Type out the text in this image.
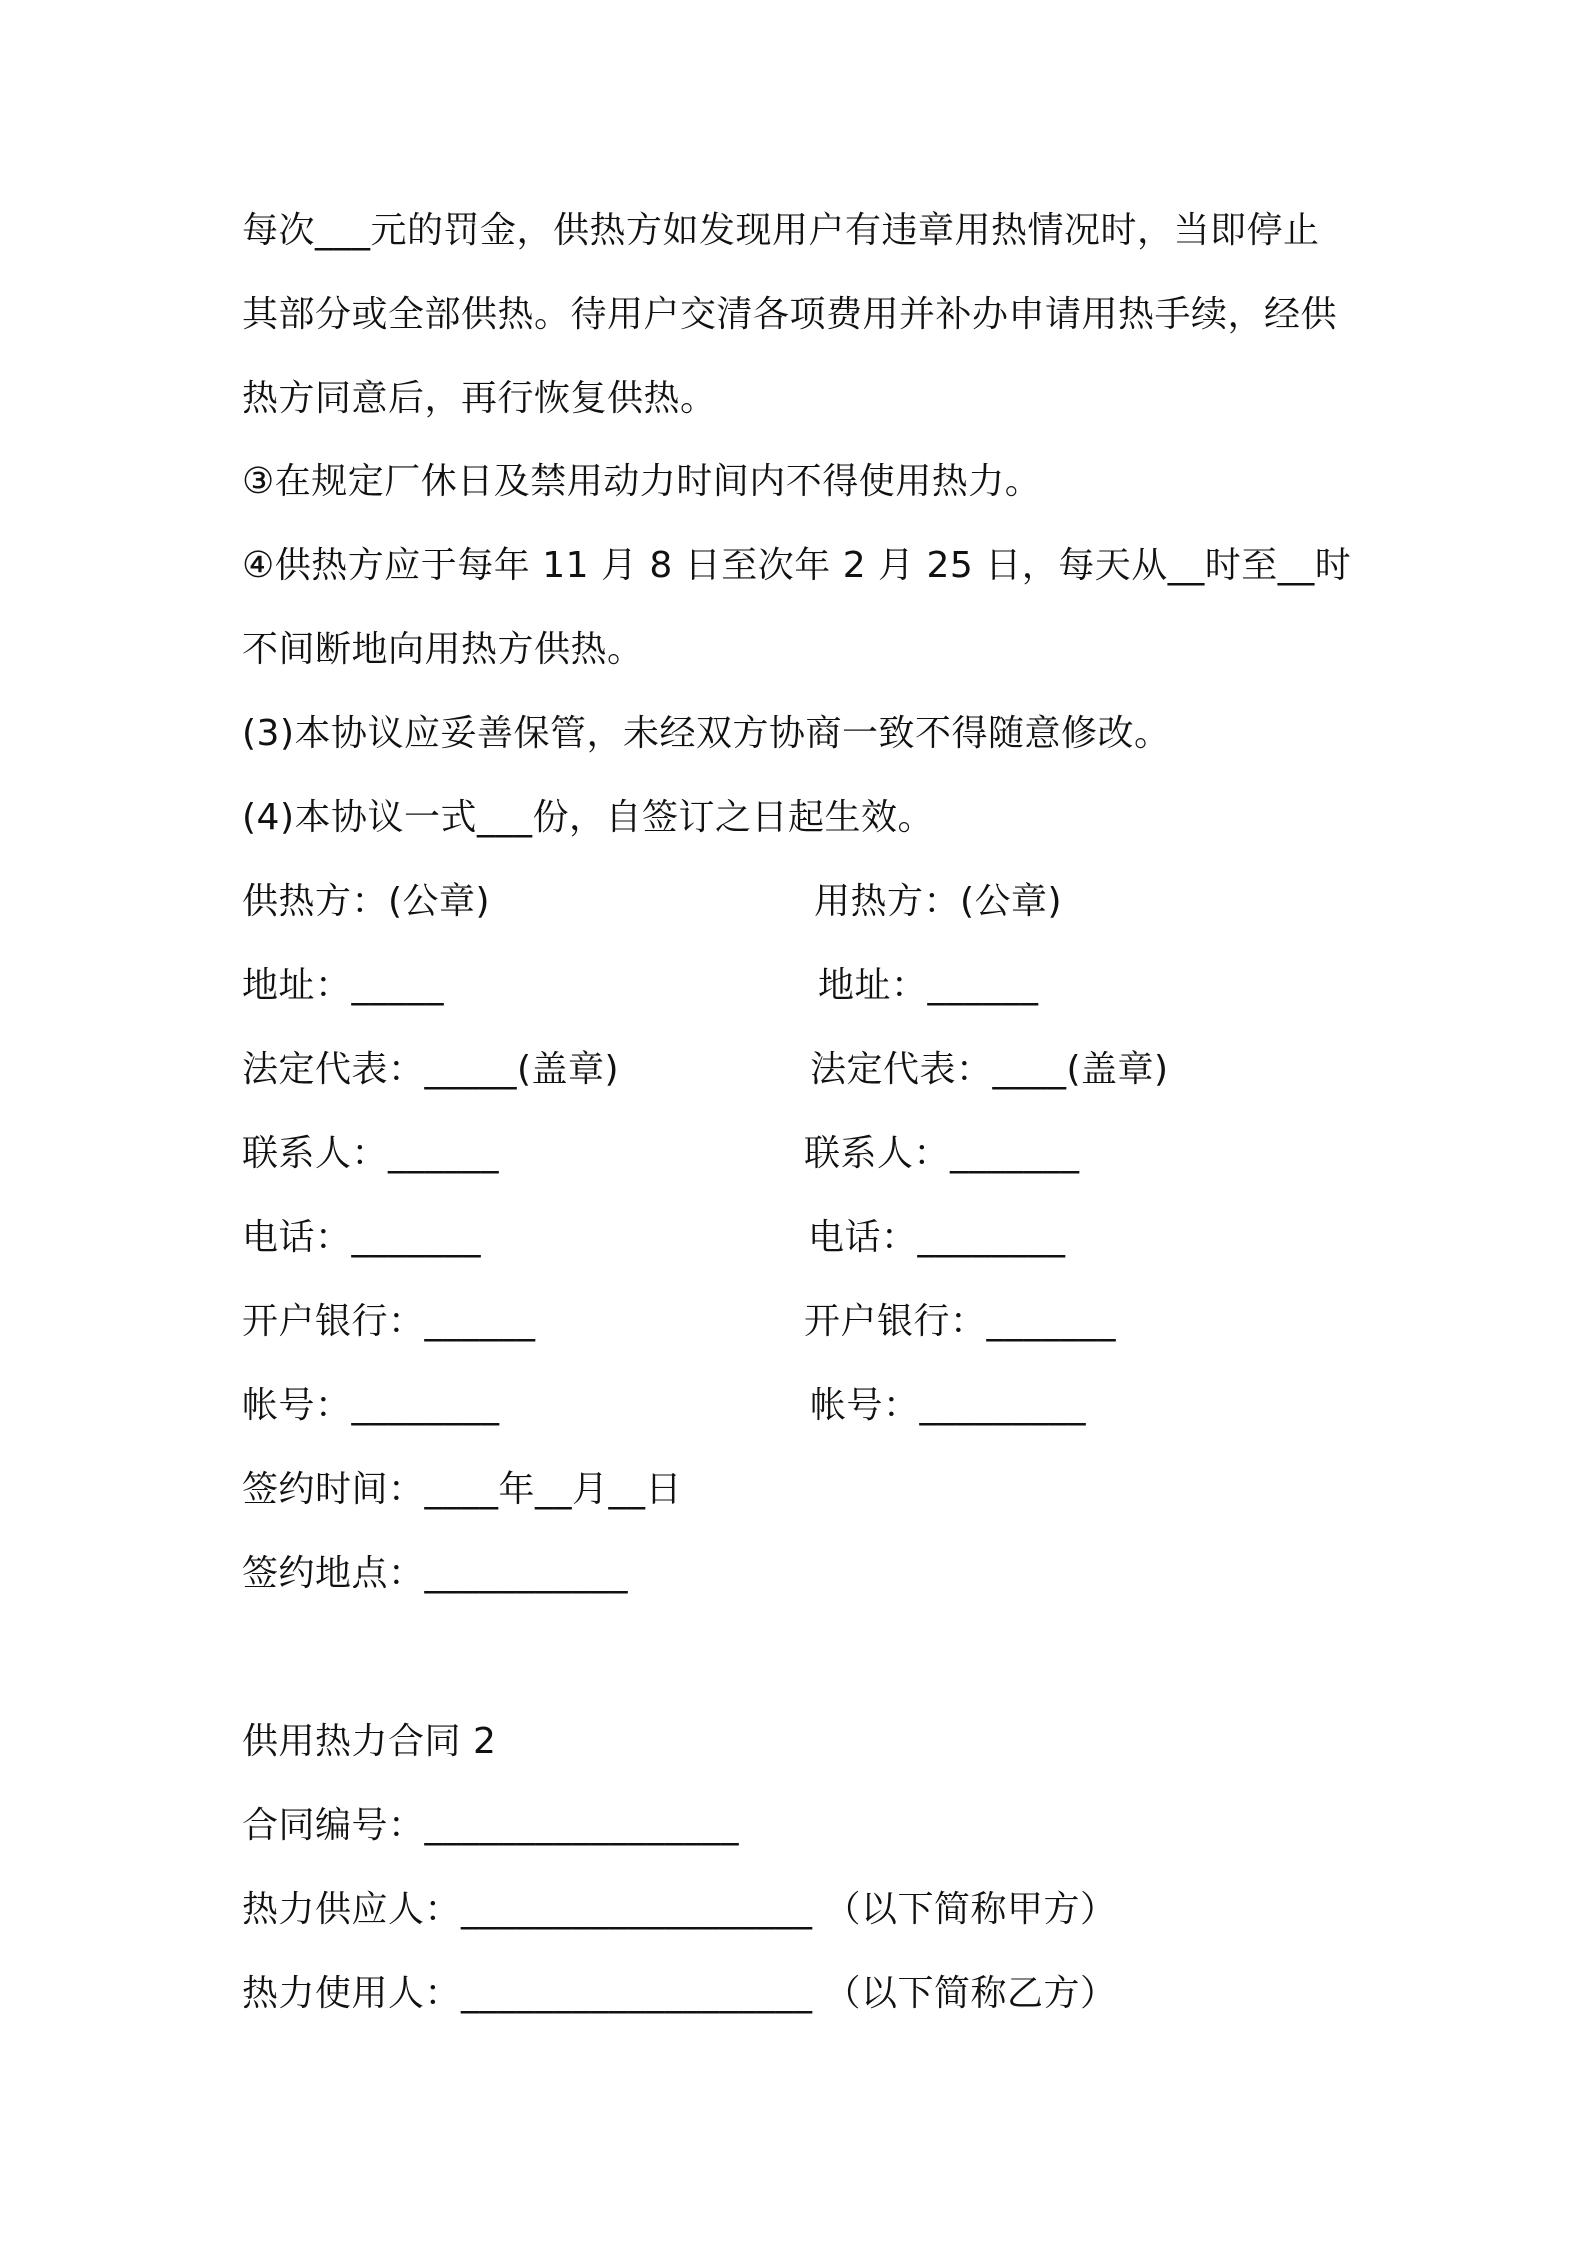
每次___元的罚金，供热方如发现用户有违章用热情况时，当即停止
其部分或全部供热。待用户交清各项费用并补办申请用热手续，经供
热方同意后，再行恢复供热。
③在规定厂休日及禁用动力时间内不得使用热力。
④供热方应于每年 11 月 8 日至次年 2 月 25 日，每天从__时至__时
不间断地向用热方供热。
(3)本协议应妥善保管，未经双方协商一致不得随意修改。
(4)本协议一式___份，自签订之日起生效。
供热方：(公章)	用热方：(公章)
地址：_____	地址：______
法定代表：_____(盖章)	法定代表：____(盖章)
联系人：______	联系人：_______
电话：_______	电话：________
开户银行：______	开户银行：_______
帐号：________	帐号：_________
签约时间：____年__月__日
签约地点：___________
供用热力合同 2
合同编号：_________________
热力供应人：___________________ （以下简称甲方）
热力使用人：___________________ （以下简称乙方）
